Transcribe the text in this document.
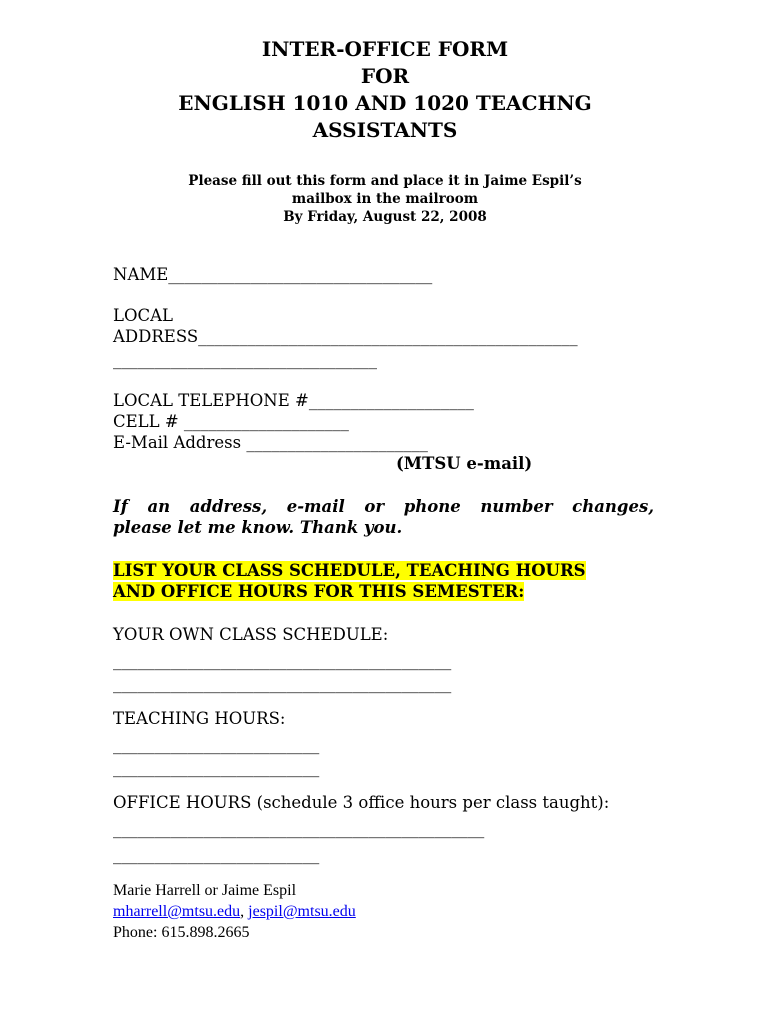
INTER-OFFICE FORM

FOR

ENGLISH 1010 AND 1020 TEACHNG

ASSISTANTS

Please fill out this form and place it in Jaime Espil’s

mailbox in the mailroom

By Friday, August 22, 2008

NAME________________________________

LOCAL

ADDRESS______________________________________________

________________________________

LOCAL TELEPHONE #____________________

CELL # ____________________

E-Mail Address ______________________

(MTSU e-mail)

If an address, e-mail or phone number changes,

please let me know. Thank you.

LIST YOUR CLASS SCHEDULE, TEACHING HOURS

AND OFFICE HOURS FOR THIS SEMESTER:

YOUR OWN CLASS SCHEDULE:

_________________________________________

_________________________________________

TEACHING HOURS:

_________________________

_________________________

OFFICE HOURS (schedule 3 office hours per class taught):

_____________________________________________

_________________________

Marie Harrell or Jaime Espil

mharrell@mtsu.edu, jespil@mtsu.edu

Phone: 615.898.2665
